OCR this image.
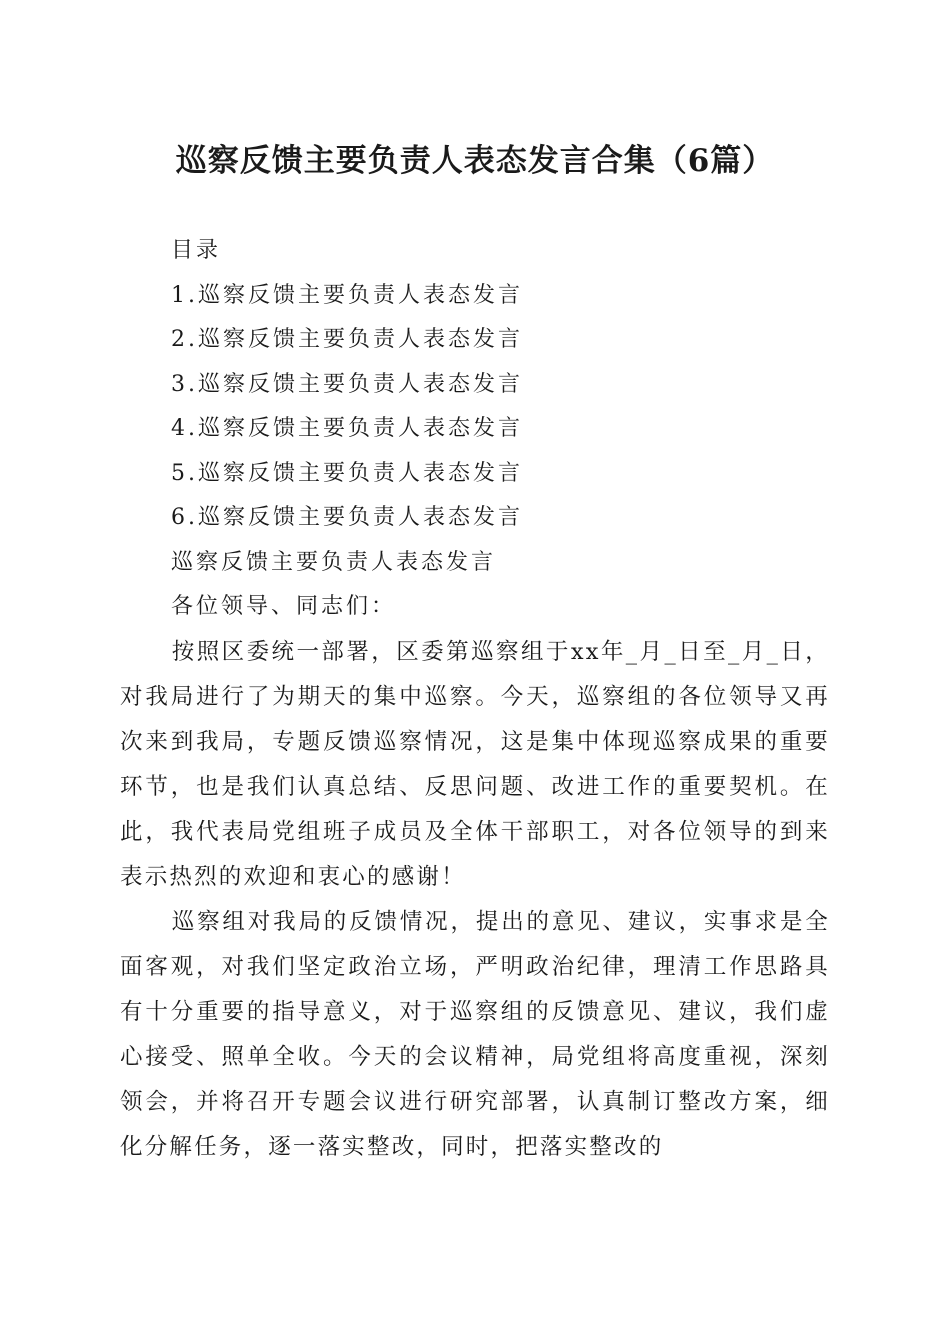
巡察反馈主要负责人表态发言合集（6篇）
目录
1.巡察反馈主要负责人表态发言
2.巡察反馈主要负责人表态发言
3.巡察反馈主要负责人表态发言
4.巡察反馈主要负责人表态发言
5.巡察反馈主要负责人表态发言
6.巡察反馈主要负责人表态发言
巡察反馈主要负责人表态发言
各位领导、同志们：

按照区委统一部署，区委第巡察组于xx年_月_日至_月_日，对我局进行了为期天的集中巡察。今天，巡察组的各位领导又再次来到我局，专题反馈巡察情况，这是集中体现巡察成果的重要环节，也是我们认真总结、反思问题、改进工作的重要契机。在此，我代表局党组班子成员及全体干部职工，对各位领导的到来表示热烈的欢迎和衷心的感谢！

巡察组对我局的反馈情况，提出的意见、建议，实事求是全面客观，对我们坚定政治立场，严明政治纪律，理清工作思路具有十分重要的指导意义，对于巡察组的反馈意见、建议，我们虚心接受、照单全收。今天的会议精神，局党组将高度重视，深刻领会，并将召开专题会议进行研究部署，认真制订整改方案，细化分解任务，逐一落实整改，同时，把落实整改的
